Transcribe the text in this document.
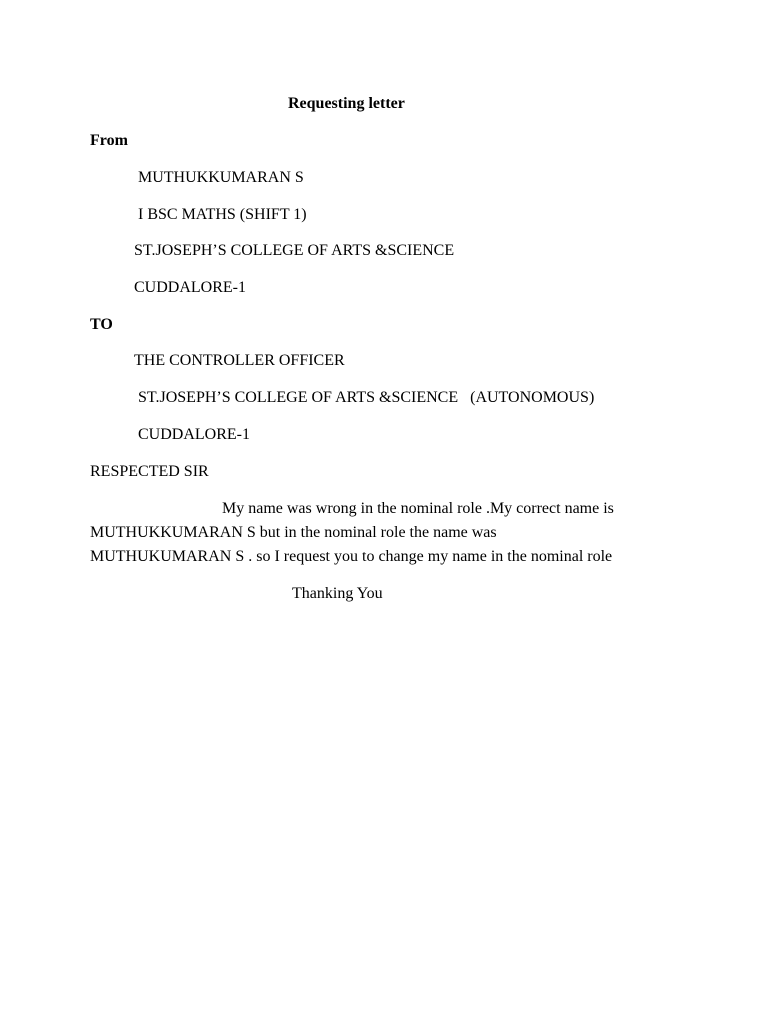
Requesting letter
From
MUTHUKKUMARAN S
I BSC MATHS (SHIFT 1)
ST.JOSEPH’S COLLEGE OF ARTS &SCIENCE
CUDDALORE-1
TO
THE CONTROLLER OFFICER
ST.JOSEPH’S COLLEGE OF ARTS &SCIENCE   (AUTONOMOUS)
CUDDALORE-1
RESPECTED SIR
My name was wrong in the nominal role .My correct name is
MUTHUKKUMARAN S but in the nominal role the name was
MUTHUKUMARAN S . so I request you to change my name in the nominal role
Thanking You
